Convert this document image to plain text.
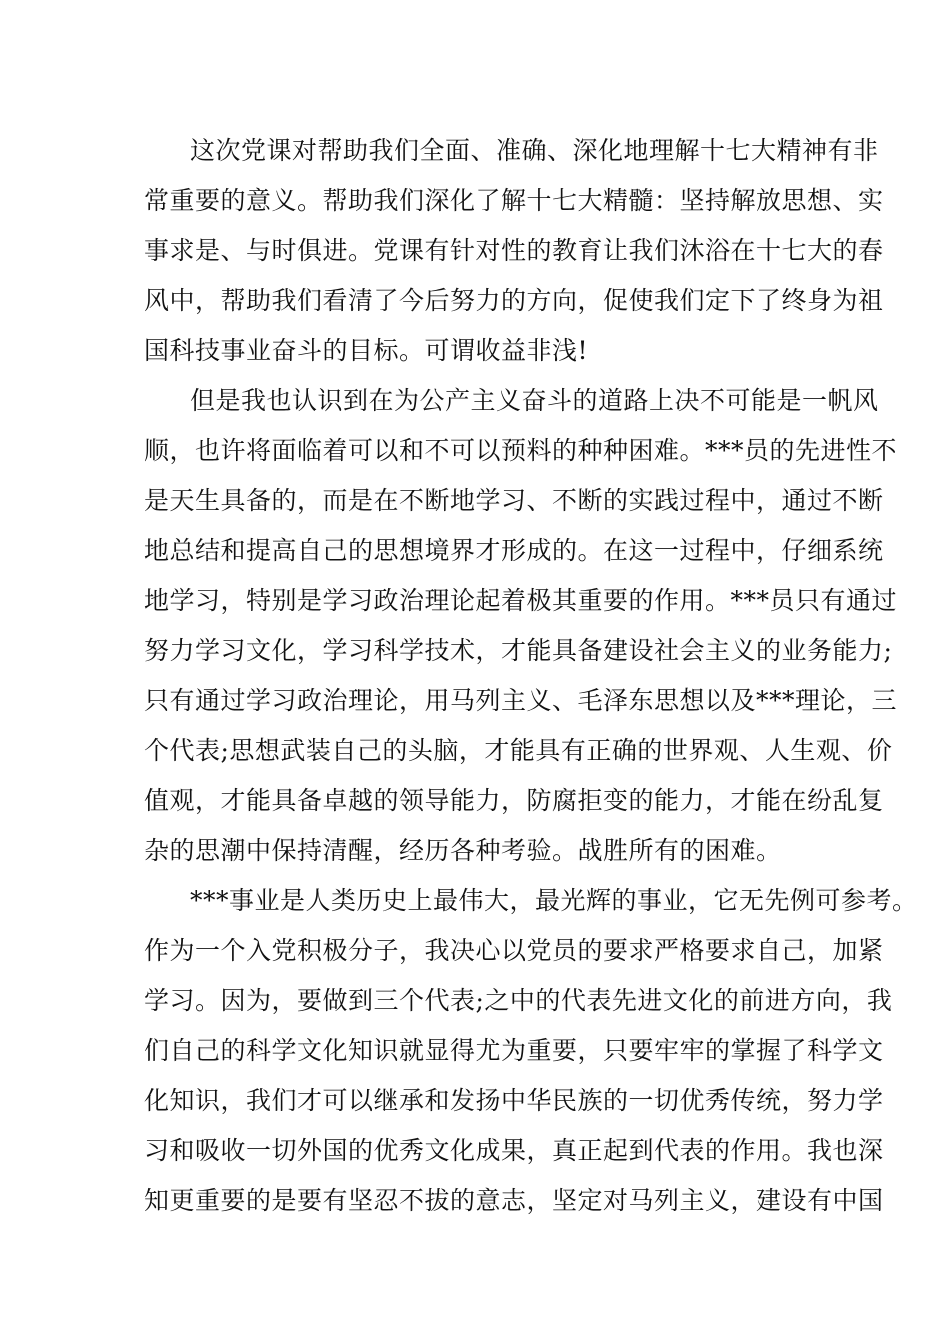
这次党课对帮助我们全面、准确、深化地理解十七大精神有非
常重要的意义。帮助我们深化了解十七大精髓：坚持解放思想、实
事求是、与时俱进。党课有针对性的教育让我们沐浴在十七大的春
风中，帮助我们看清了今后努力的方向，促使我们定下了终身为祖
国科技事业奋斗的目标。可谓收益非浅!
但是我也认识到在为公产主义奋斗的道路上决不可能是一帆风
顺，也许将面临着可以和不可以预料的种种困难。***员的先进性不
是天生具备的，而是在不断地学习、不断的实践过程中，通过不断
地总结和提高自己的思想境界才形成的。在这一过程中，仔细系统
地学习，特别是学习政治理论起着极其重要的作用。***员只有通过
努力学习文化，学习科学技术，才能具备建设社会主义的业务能力;
只有通过学习政治理论，用马列主义、毛泽东思想以及***理论，三
个代表;思想武装自己的头脑，才能具有正确的世界观、人生观、价
值观，才能具备卓越的领导能力，防腐拒变的能力，才能在纷乱复
杂的思潮中保持清醒，经历各种考验。战胜所有的困难。
***事业是人类历史上最伟大，最光辉的事业，它无先例可参考。
作为一个入党积极分子，我决心以党员的要求严格要求自己，加紧
学习。因为，要做到三个代表;之中的代表先进文化的前进方向，我
们自己的科学文化知识就显得尤为重要，只要牢牢的掌握了科学文
化知识，我们才可以继承和发扬中华民族的一切优秀传统，努力学
习和吸收一切外国的优秀文化成果，真正起到代表的作用。我也深
知更重要的是要有坚忍不拔的意志，坚定对马列主义，建设有中国
